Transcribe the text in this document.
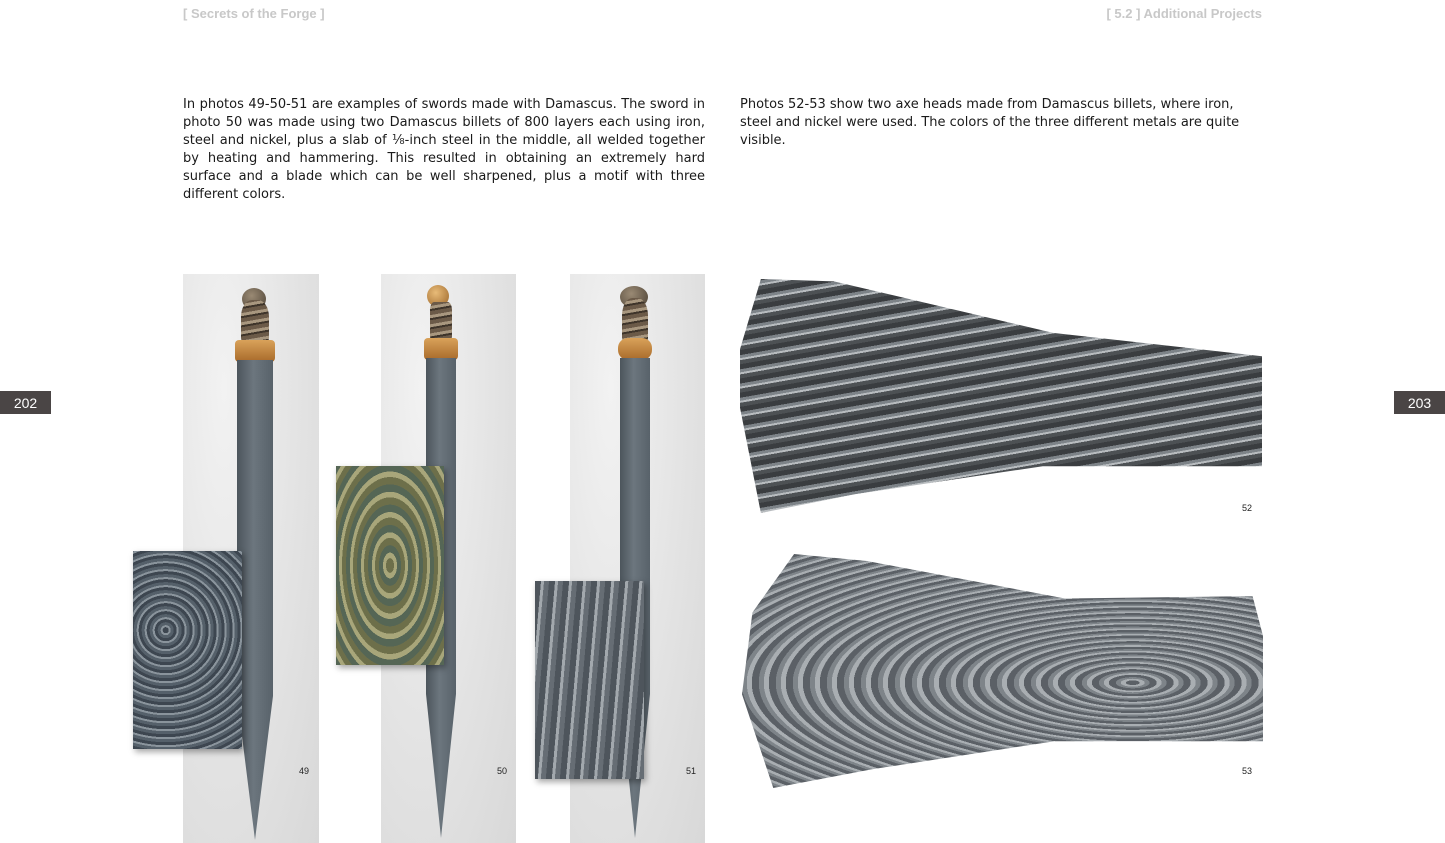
[ Secrets of the Forge ]	[ 5.2 ] Additional Projects
202	203

In photos 49-50-51 are examples of swords made with Damascus. The sword in photo 50 was made using two Damascus billets of 800 layers each using iron, steel and nickel, plus a slab of ⅛-inch steel in the middle, all welded together by heating and hammering. This resulted in obtaining an extremely hard surface and a blade which can be well sharpened, plus a motif with three different colors.

Photos 52-53 show two axe heads made from Damascus billets, where iron, steel and nickel were used. The colors of the three different metals are quite visible.

49	50	51
52
53
